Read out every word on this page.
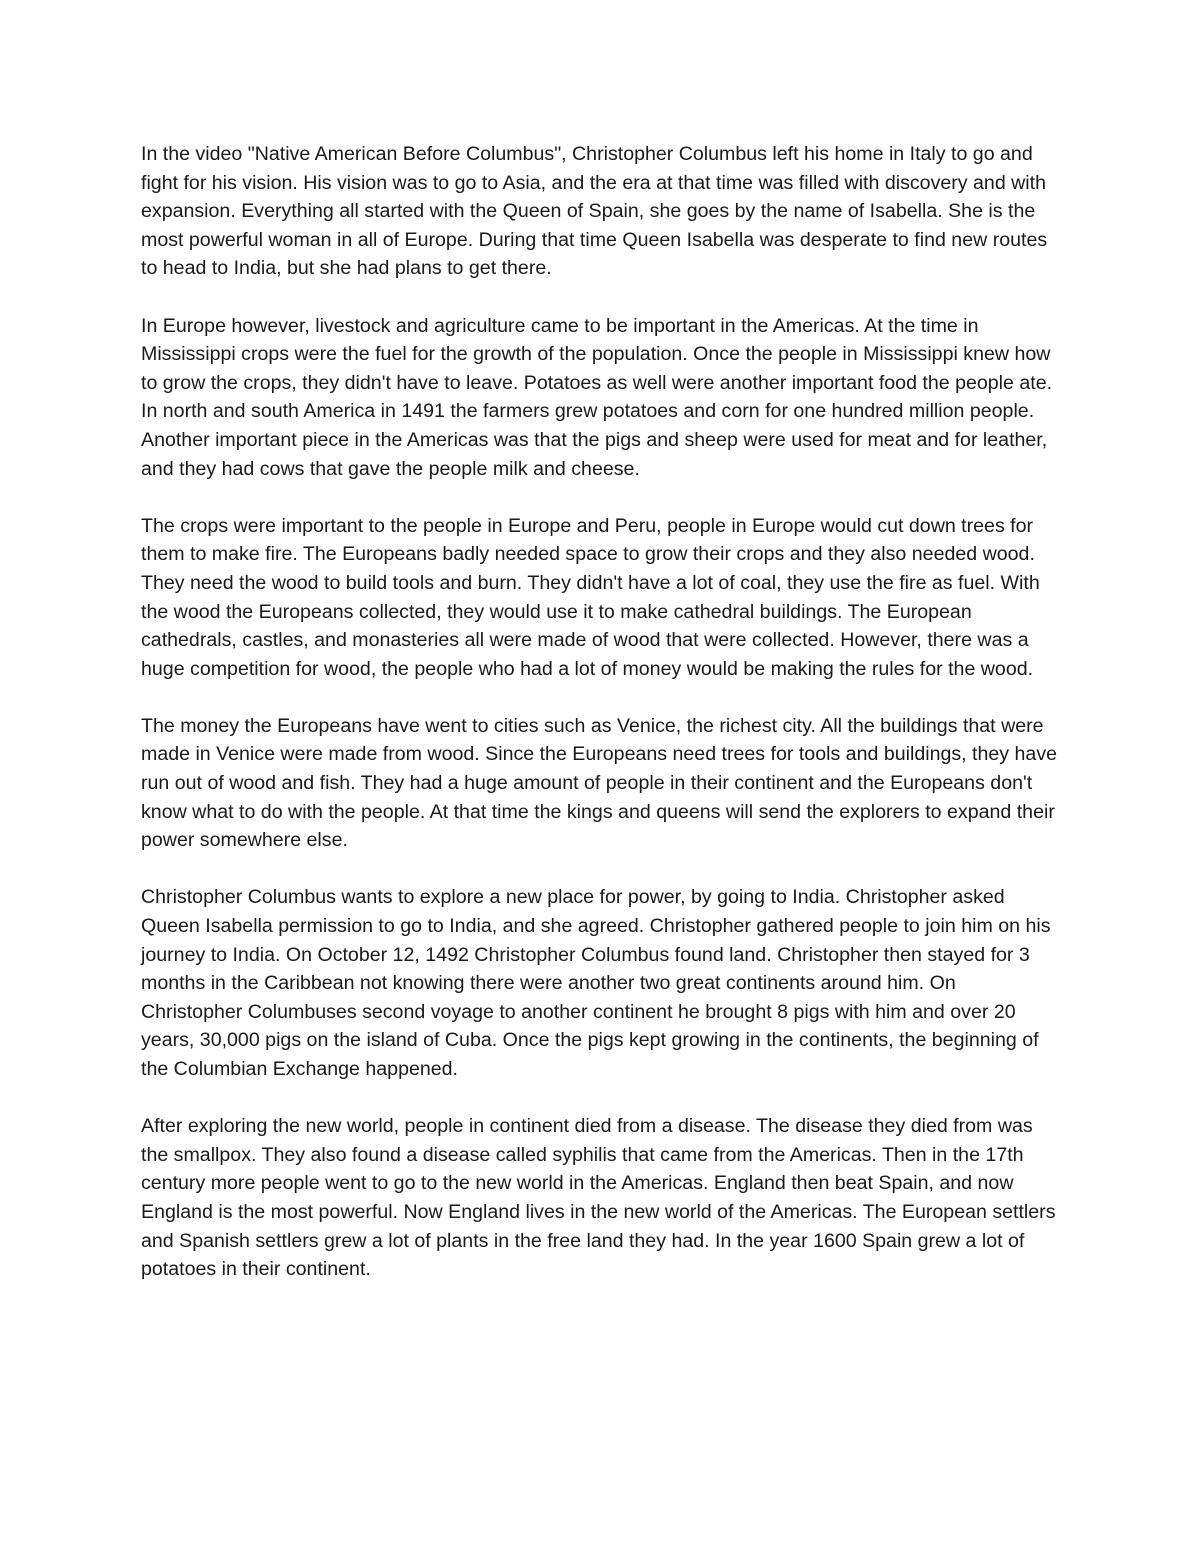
In the video "Native American Before Columbus", Christopher Columbus left his home in Italy to go and fight for his vision. His vision was to go to Asia, and the era at that time was filled with discovery and with expansion. Everything all started with the Queen of Spain, she goes by the name of Isabella. She is the most powerful woman in all of Europe. During that time Queen Isabella was desperate to find new routes to head to India, but she had plans to get there.

In Europe however, livestock and agriculture came to be important in the Americas. At the time in Mississippi crops were the fuel for the growth of the population. Once the people in Mississippi knew how to grow the crops, they didn't have to leave. Potatoes as well were another important food the people ate. In north and south America in 1491 the farmers grew potatoes and corn for one hundred million people. Another important piece in the Americas was that the pigs and sheep were used for meat and for leather, and they had cows that gave the people milk and cheese.

The crops were important to the people in Europe and Peru, people in Europe would cut down trees for them to make fire. The Europeans badly needed space to grow their crops and they also needed wood. They need the wood to build tools and burn. They didn't have a lot of coal, they use the fire as fuel. With the wood the Europeans collected, they would use it to make cathedral buildings. The European cathedrals, castles, and monasteries all were made of wood that were collected. However, there was a huge competition for wood, the people who had a lot of money would be making the rules for the wood.

The money the Europeans have went to cities such as Venice, the richest city. All the buildings that were made in Venice were made from wood. Since the Europeans need trees for tools and buildings, they have run out of wood and fish. They had a huge amount of people in their continent and the Europeans don't know what to do with the people. At that time the kings and queens will send the explorers to expand their power somewhere else.

Christopher Columbus wants to explore a new place for power, by going to India. Christopher asked Queen Isabella permission to go to India, and she agreed. Christopher gathered people to join him on his journey to India. On October 12, 1492 Christopher Columbus found land. Christopher then stayed for 3 months in the Caribbean not knowing there were another two great continents around him. On Christopher Columbuses second voyage to another continent he brought 8 pigs with him and over 20 years, 30,000 pigs on the island of Cuba. Once the pigs kept growing in the continents, the beginning of the Columbian Exchange happened.

After exploring the new world, people in continent died from a disease. The disease they died from was the smallpox. They also found a disease called syphilis that came from the Americas. Then in the 17th century more people went to go to the new world in the Americas. England then beat Spain, and now England is the most powerful. Now England lives in the new world of the Americas. The European settlers and Spanish settlers grew a lot of plants in the free land they had. In the year 1600 Spain grew a lot of potatoes in their continent.
